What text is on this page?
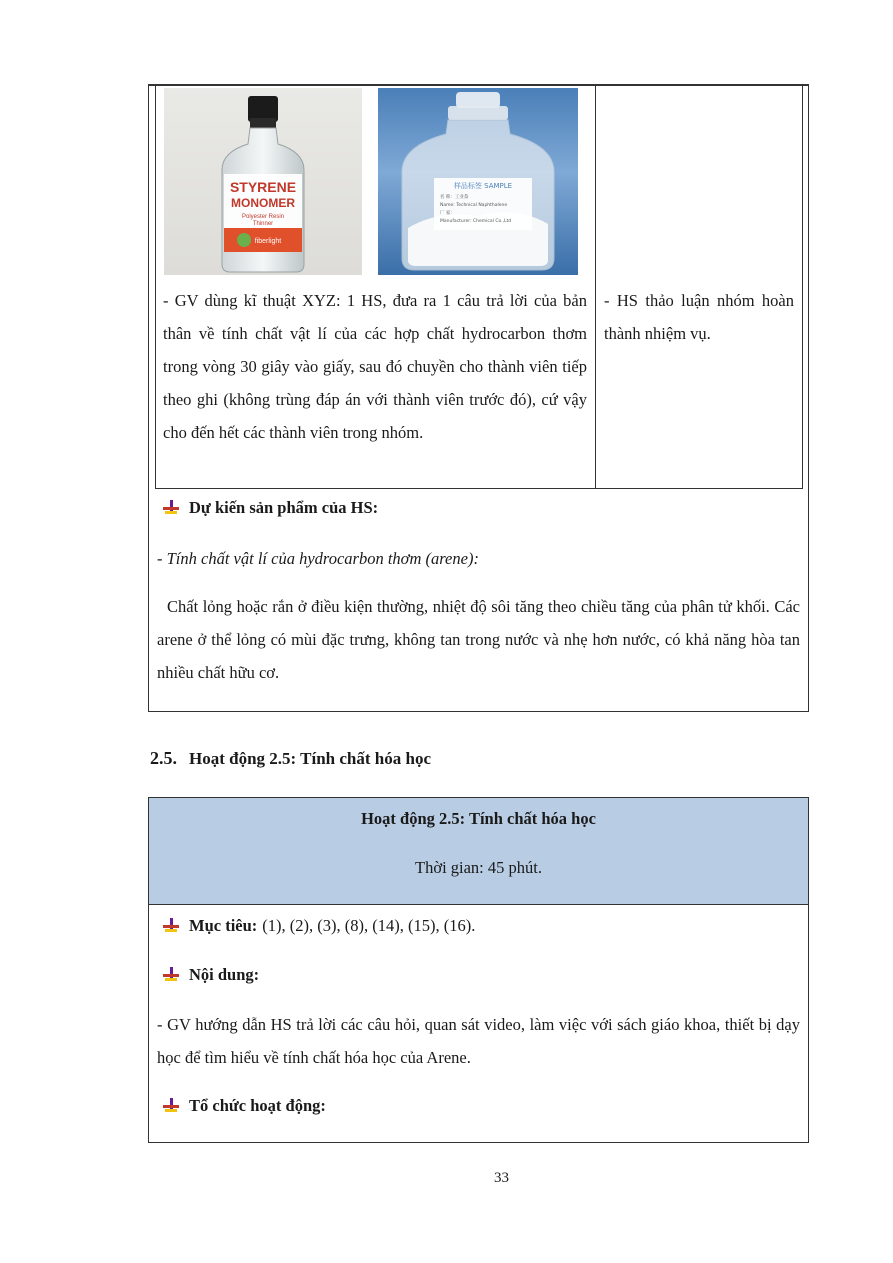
STYRENE
MONOMER
Polyester Resin
Thinner
fiberlight
样品标签 SAMPLE
名 称：工业萘
Name: Technical Naphthalene
厂 家：
Manufacturer: Chemical Co.,Ltd
- GV dùng kĩ thuật XYZ: 1 HS, đưa ra 1 câu trả lời của bản thân về tính chất vật lí của các hợp chất hydrocarbon thơm trong vòng 30 giây vào giấy, sau đó chuyền cho thành viên tiếp theo ghi (không trùng đáp án với thành viên trước đó), cứ vậy cho đến hết các thành viên trong nhóm.
- HS thảo luận nhóm hoàn thành nhiệm vụ.
Dự kiến sản phẩm của HS:
- Tính chất vật lí của hydrocarbon thơm (arene):
Chất lỏng hoặc rắn ở điều kiện thường, nhiệt độ sôi tăng theo chiều tăng của phân tử khối. Các arene ở thể lỏng có mùi đặc trưng, không tan trong nước và nhẹ hơn nước, có khả năng hòa tan nhiều chất hữu cơ.
2.5. Hoạt động 2.5: Tính chất hóa học
Hoạt động 2.5: Tính chất hóa học
Thời gian: 45 phút.
Mục tiêu: (1), (2), (3), (8), (14), (15), (16).
Nội dung:
- GV hướng dẫn HS trả lời các câu hỏi, quan sát video, làm việc với sách giáo khoa, thiết bị dạy học để tìm hiểu về tính chất hóa học của Arene.
Tổ chức hoạt động:
33
